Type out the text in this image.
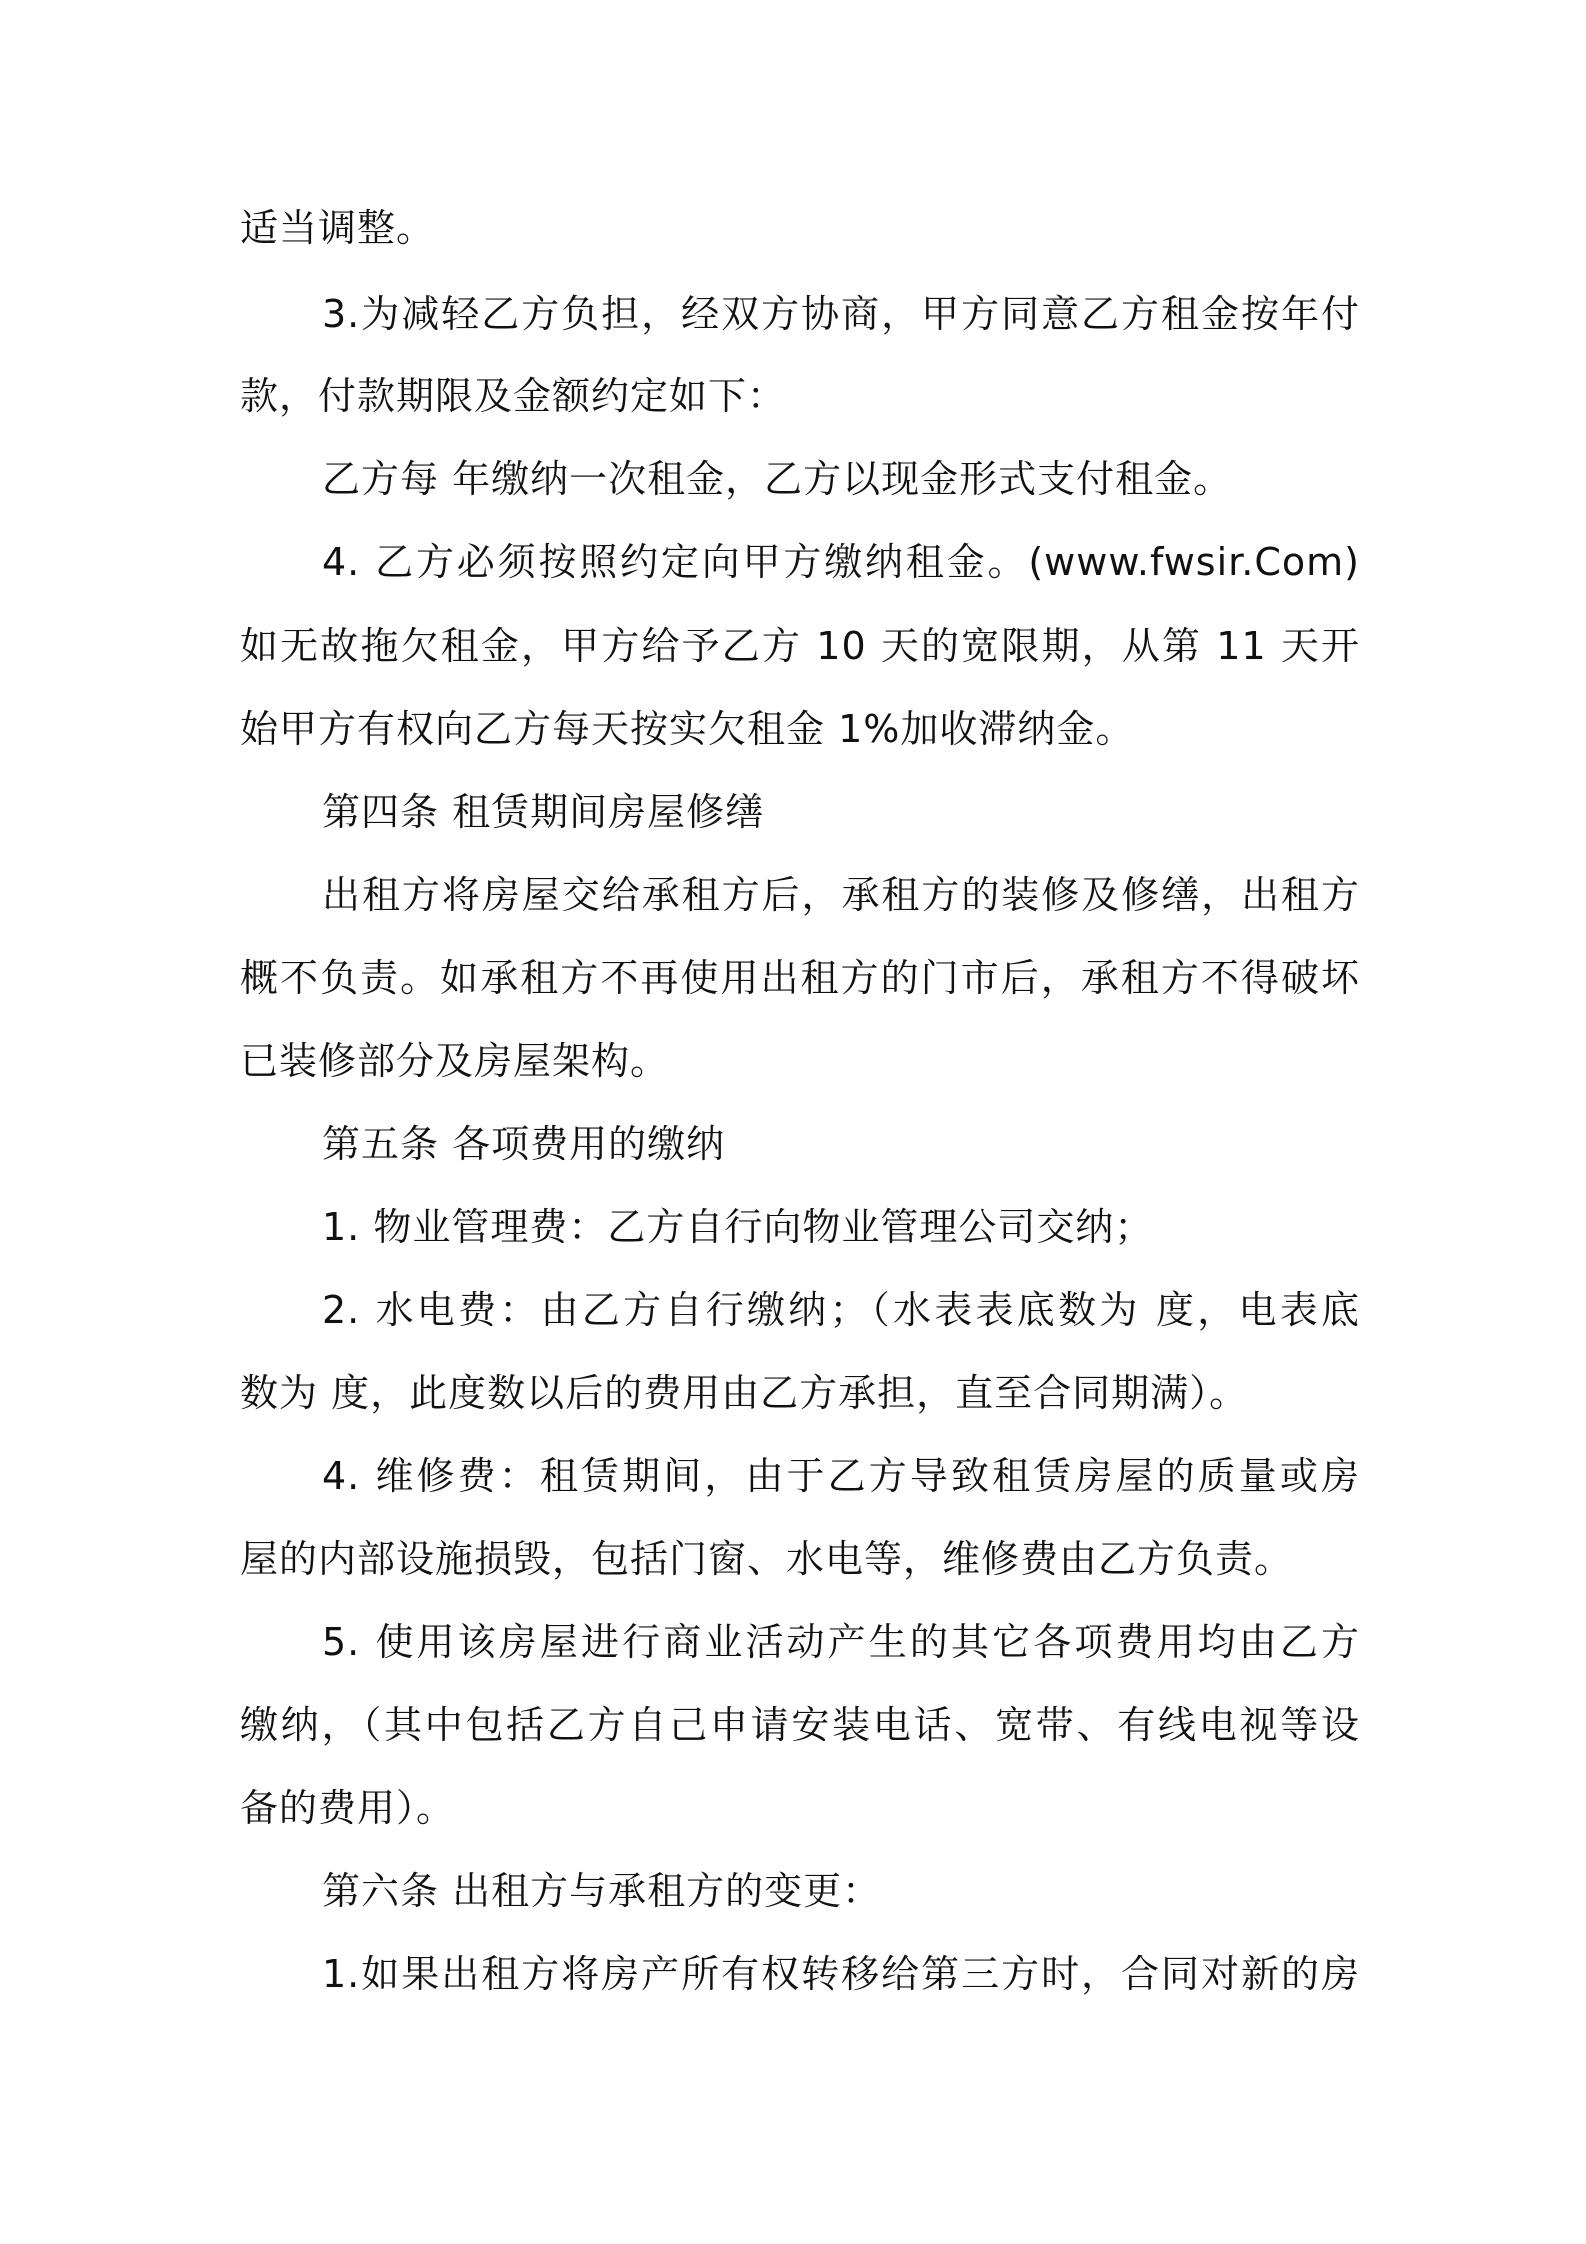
适当调整。
3.为减轻乙方负担，经双方协商，甲方同意乙方租金按年付
款，付款期限及金额约定如下：
乙方每 年缴纳一次租金，乙方以现金形式支付租金。
4. 乙方必须按照约定向甲方缴纳租金。(www.fwsir.Com)
如无故拖欠租金，甲方给予乙方 10 天的宽限期，从第 11 天开
始甲方有权向乙方每天按实欠租金 1%加收滞纳金。
第四条 租赁期间房屋修缮
出租方将房屋交给承租方后，承租方的装修及修缮，出租方
概不负责。如承租方不再使用出租方的门市后，承租方不得破坏
已装修部分及房屋架构。
第五条 各项费用的缴纳
1. 物业管理费：乙方自行向物业管理公司交纳；
2. 水电费：由乙方自行缴纳；（水表表底数为 度，电表底
数为 度，此度数以后的费用由乙方承担，直至合同期满）。
4. 维修费：租赁期间，由于乙方导致租赁房屋的质量或房
屋的内部设施损毁，包括门窗、水电等，维修费由乙方负责。
5. 使用该房屋进行商业活动产生的其它各项费用均由乙方
缴纳，（其中包括乙方自己申请安装电话、宽带、有线电视等设
备的费用）。
第六条 出租方与承租方的变更：
1.如果出租方将房产所有权转移给第三方时，合同对新的房
